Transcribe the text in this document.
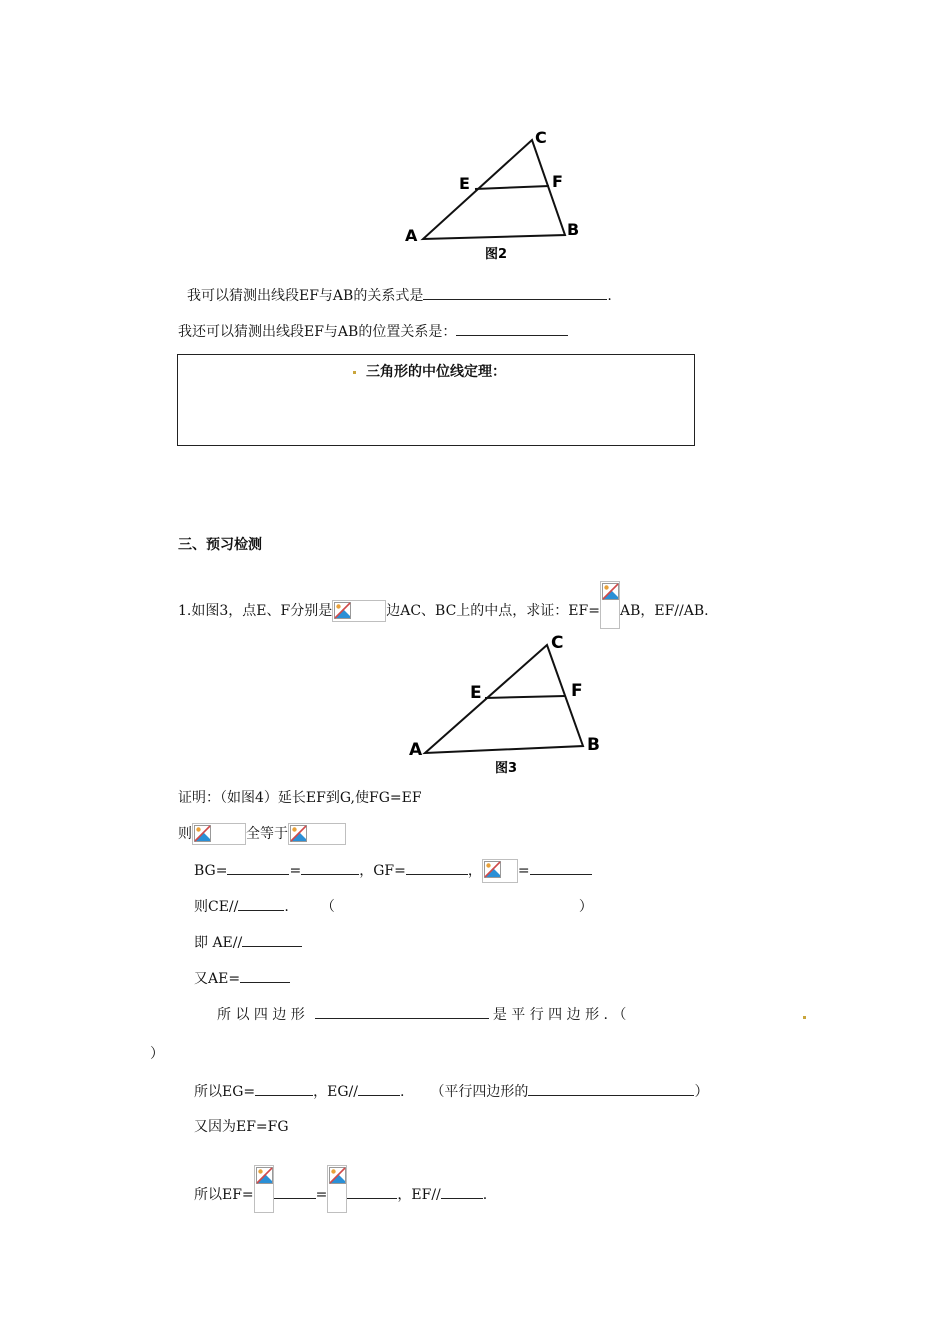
A	B
C
E	F
图2
我可以猜测出线段EF与AB的关系式是	.
我还可以猜测出线段EF与AB的位置关系是：
三角形的中位线定理：
三、预习检测
1.如图3，点E、F分别是	边AC、BC上的中点，求证：EF= AB，EF//AB.
A	B
C
E	F
图3
证明：（如图4）延长EF到G,使FG=EF
则	全等于
BG=	=	，GF=	，	=
则CE//	. （	）
即 AE//
又AE=
所 以 四 边 形	是 平 行 四 边 形 . （
）
所以EG=	，EG//	. （平行四边形的	）
又因为EF=FG
所以EF=	=	，EF//	.
